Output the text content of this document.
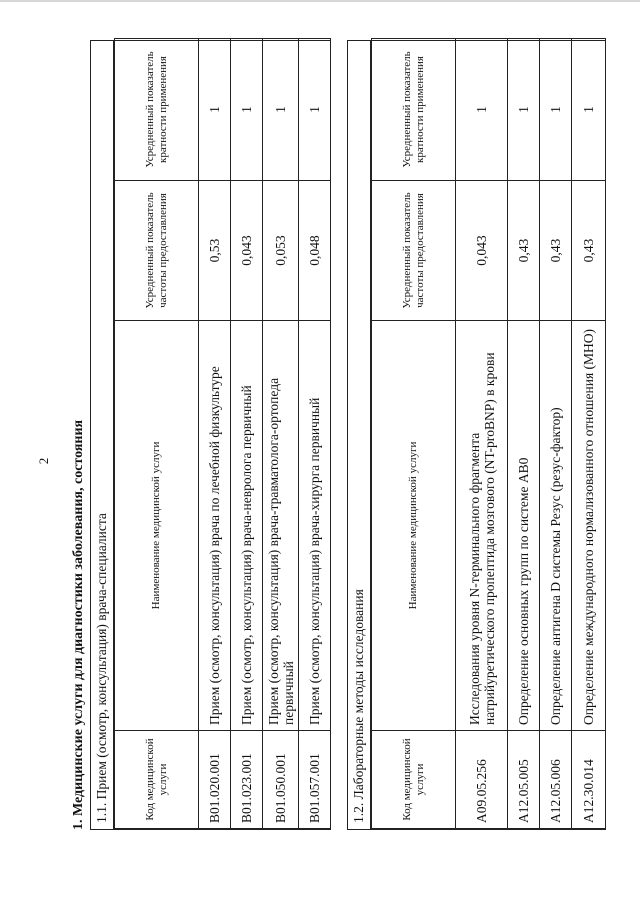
2 1. Медицинские услуги для диагностики заболевания, состояния 1.1. Прием (осмотр, консультация) врача-специалиста	Код медицинской услуги	Наименование медицинской услуги	Усредненный показатель частоты предоставления	Усредненный показатель кратности применения
B01.020.001	Прием (осмотр, консультация) врача по лечебной физкультуре	0,53	1
B01.023.001	Прием (осмотр, консультация) врача-невролога первичный	0,043	1
B01.050.001	Прием (осмотр, консультация) врача-травматолога-ортопеда первичный	0,053	1
B01.057.001	Прием (осмотр, консультация) врача-хирурга первичный	0,048	1
1.2. Лабораторные методы исследования	Код медицинской услуги	Наименование медицинской услуги	Усредненный показатель частоты предоставления	Усредненный показатель кратности применения
A09.05.256	Исследования уровня N-терминального фрагмента натрийуретического пропептида мозгового (NT-proBNP) в крови	0,043	1
A12.05.005	Определение основных групп по системе AB0	0,43	1
A12.05.006	Определение антигена D системы Резус (резус-фактор)	0,43	1
A12.30.014	Определение международного нормализованного отношения (МНО)	0,43	1
